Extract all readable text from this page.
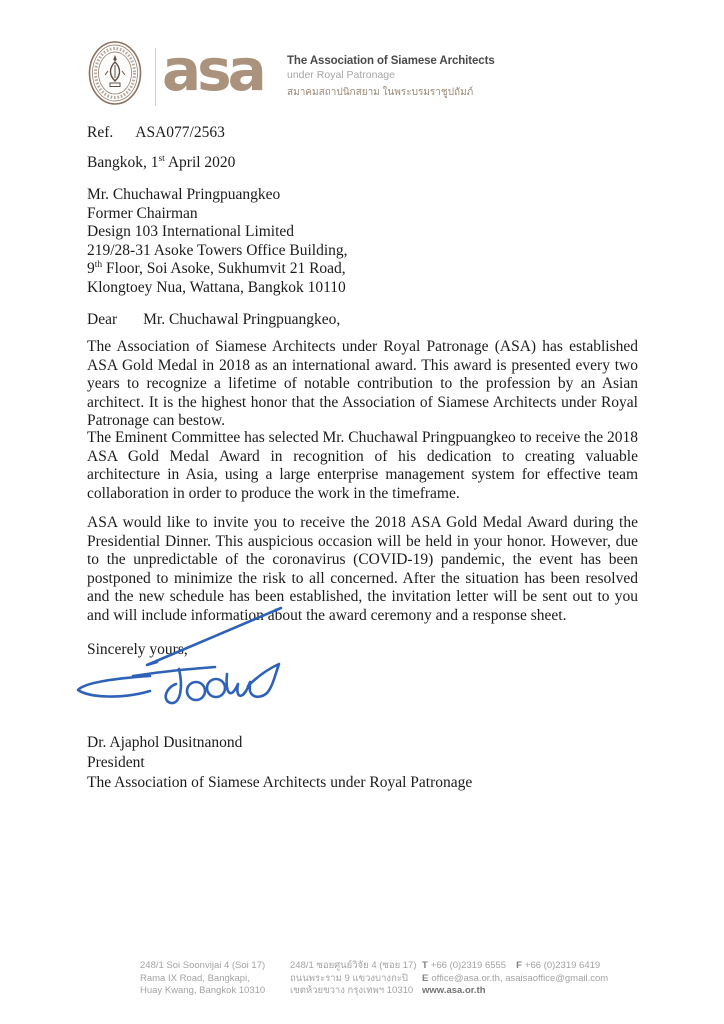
asa The Association of Siamese Architects
under Royal Patronage
สมาคมสถาปนิกสยาม ในพระบรมราชูปถัมภ์
Ref. ASA077/2563
Bangkok, 1st April 2020
Mr. Chuchawal Pringpuangkeo
Former Chairman
Design 103 International Limited
219/28-31 Asoke Towers Office Building,
9th Floor, Soi Asoke, Sukhumvit 21 Road,
Klongtoey Nua, Wattana, Bangkok 10110
Dear Mr. Chuchawal Pringpuangkeo,

The Association of Siamese Architects under Royal Patronage (ASA) has established ASA Gold Medal in 2018 as an international award. This award is presented every two years to recognize a lifetime of notable contribution to the profession by an Asian architect. It is the highest honor that the Association of Siamese Architects under Royal Patronage can bestow.

The Eminent Committee has selected Mr. Chuchawal Pringpuangkeo to receive the 2018 ASA Gold Medal Award in recognition of his dedication to creating valuable architecture in Asia, using a large enterprise management system for effective team collaboration in order to produce the work in the timeframe.

ASA would like to invite you to receive the 2018 ASA Gold Medal Award during the Presidential Dinner. This auspicious occasion will be held in your honor. However, due to the unpredictable of the coronavirus (COVID-19) pandemic, the event has been postponed to minimize the risk to all concerned. After the situation has been resolved and the new schedule has been established, the invitation letter will be sent out to you and will include information about the award ceremony and a response sheet.

Sincerely yours,
Dr. Ajaphol Dusitnanond
President
The Association of Siamese Architects under Royal Patronage
248/1 Soi Soonvijai 4 (Soi 17)
Rama IX Road, Bangkapi,
Huay Kwang, Bangkok 10310
248/1 ซอยศูนย์วิจัย 4 (ซอย 17)
ถนนพระราม 9 แขวงบางกะปิ
เขตห้วยขวาง กรุงเทพฯ 10310
T +66 (0)2319 6555 F +66 (0)2319 6419
E office@asa.or.th, asaisaoffice@gmail.com
www.asa.or.th
